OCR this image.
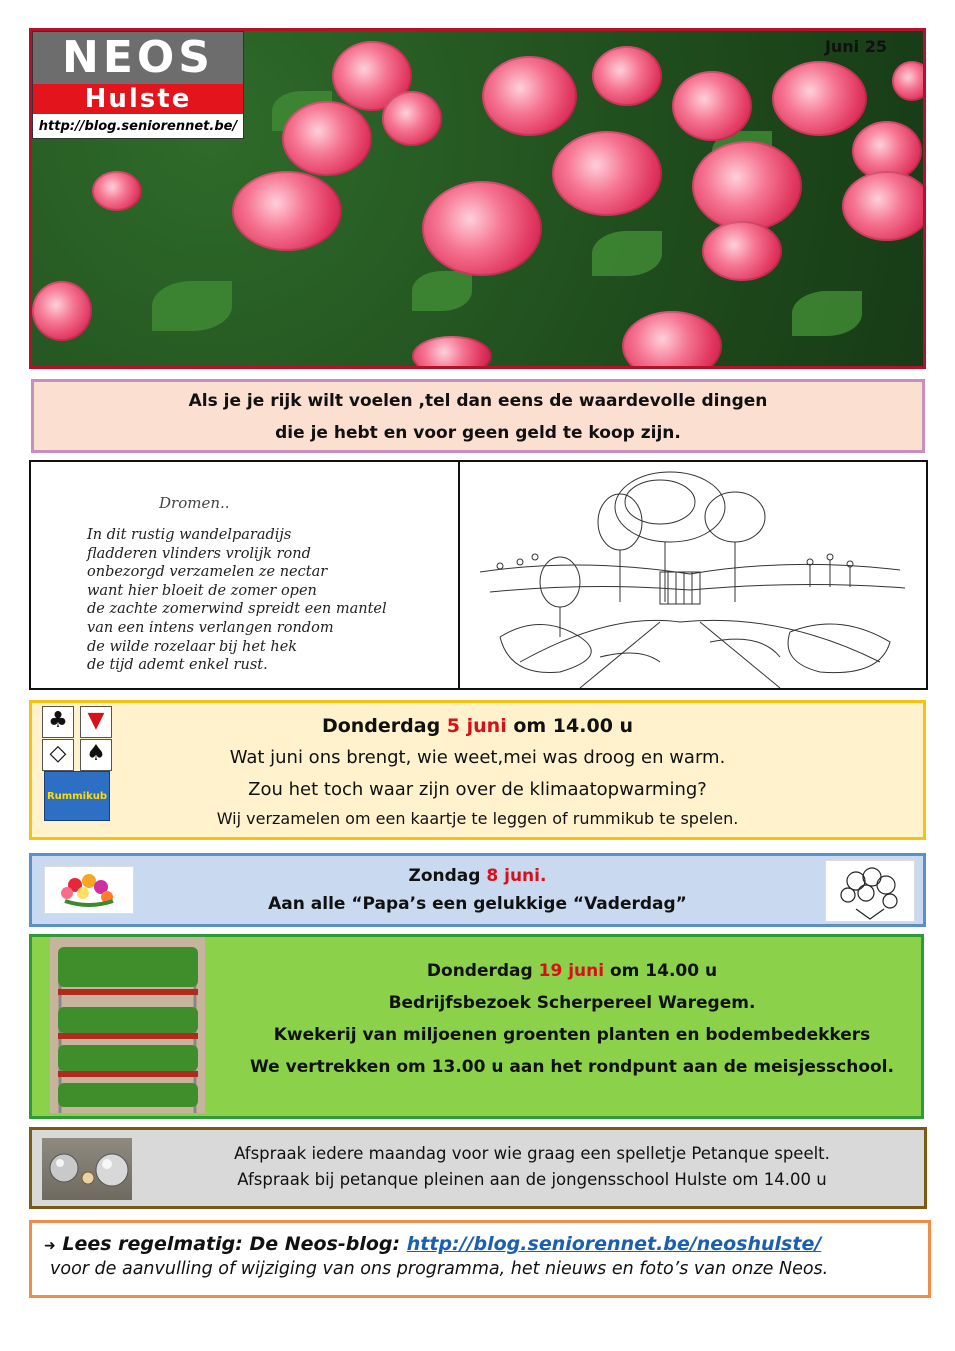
NEOS
Hulste
http://blog.seniorennet.be/
Juni 25
Als je je rijk wilt voelen ,tel dan eens de waardevolle dingen
die je hebt en voor geen geld te koop zijn.
Dromen..
In dit rustig wandelparadijs
fladderen vlinders vrolijk rond
onbezorgd verzamelen ze nectar
want hier bloeit de zomer open
de zachte zomerwind spreidt een mantel
van een intens verlangen rondom
de wilde rozelaar bij het hek
de tijd ademt enkel rust.
♣ ▼
◇ ♠
Rummikub
Donderdag 5 juni om 14.00 u
Wat juni ons brengt, wie weet,mei was droog en warm.
Zou het toch waar zijn over de klimaatopwarming?
Wij verzamelen om een kaartje te leggen of rummikub te spelen.
Zondag 8 juni.
Aan alle “Papa’s een gelukkige “Vaderdag”
Donderdag 19 juni om 14.00 u
Bedrijfsbezoek Scherpereel Waregem.
Kwekerij van miljoenen groenten planten en bodembedekkers
We vertrekken om 13.00 u aan het rondpunt aan de meisjesschool.
Afspraak iedere maandag voor wie graag een spelletje Petanque speelt.
Afspraak bij petanque pleinen aan de jongensschool Hulste om 14.00 u
➜ Lees regelmatig: De Neos-blog: http://blog.seniorennet.be/neoshulste/
voor de aanvulling of wijziging van ons programma, het nieuws en foto’s van onze Neos.
